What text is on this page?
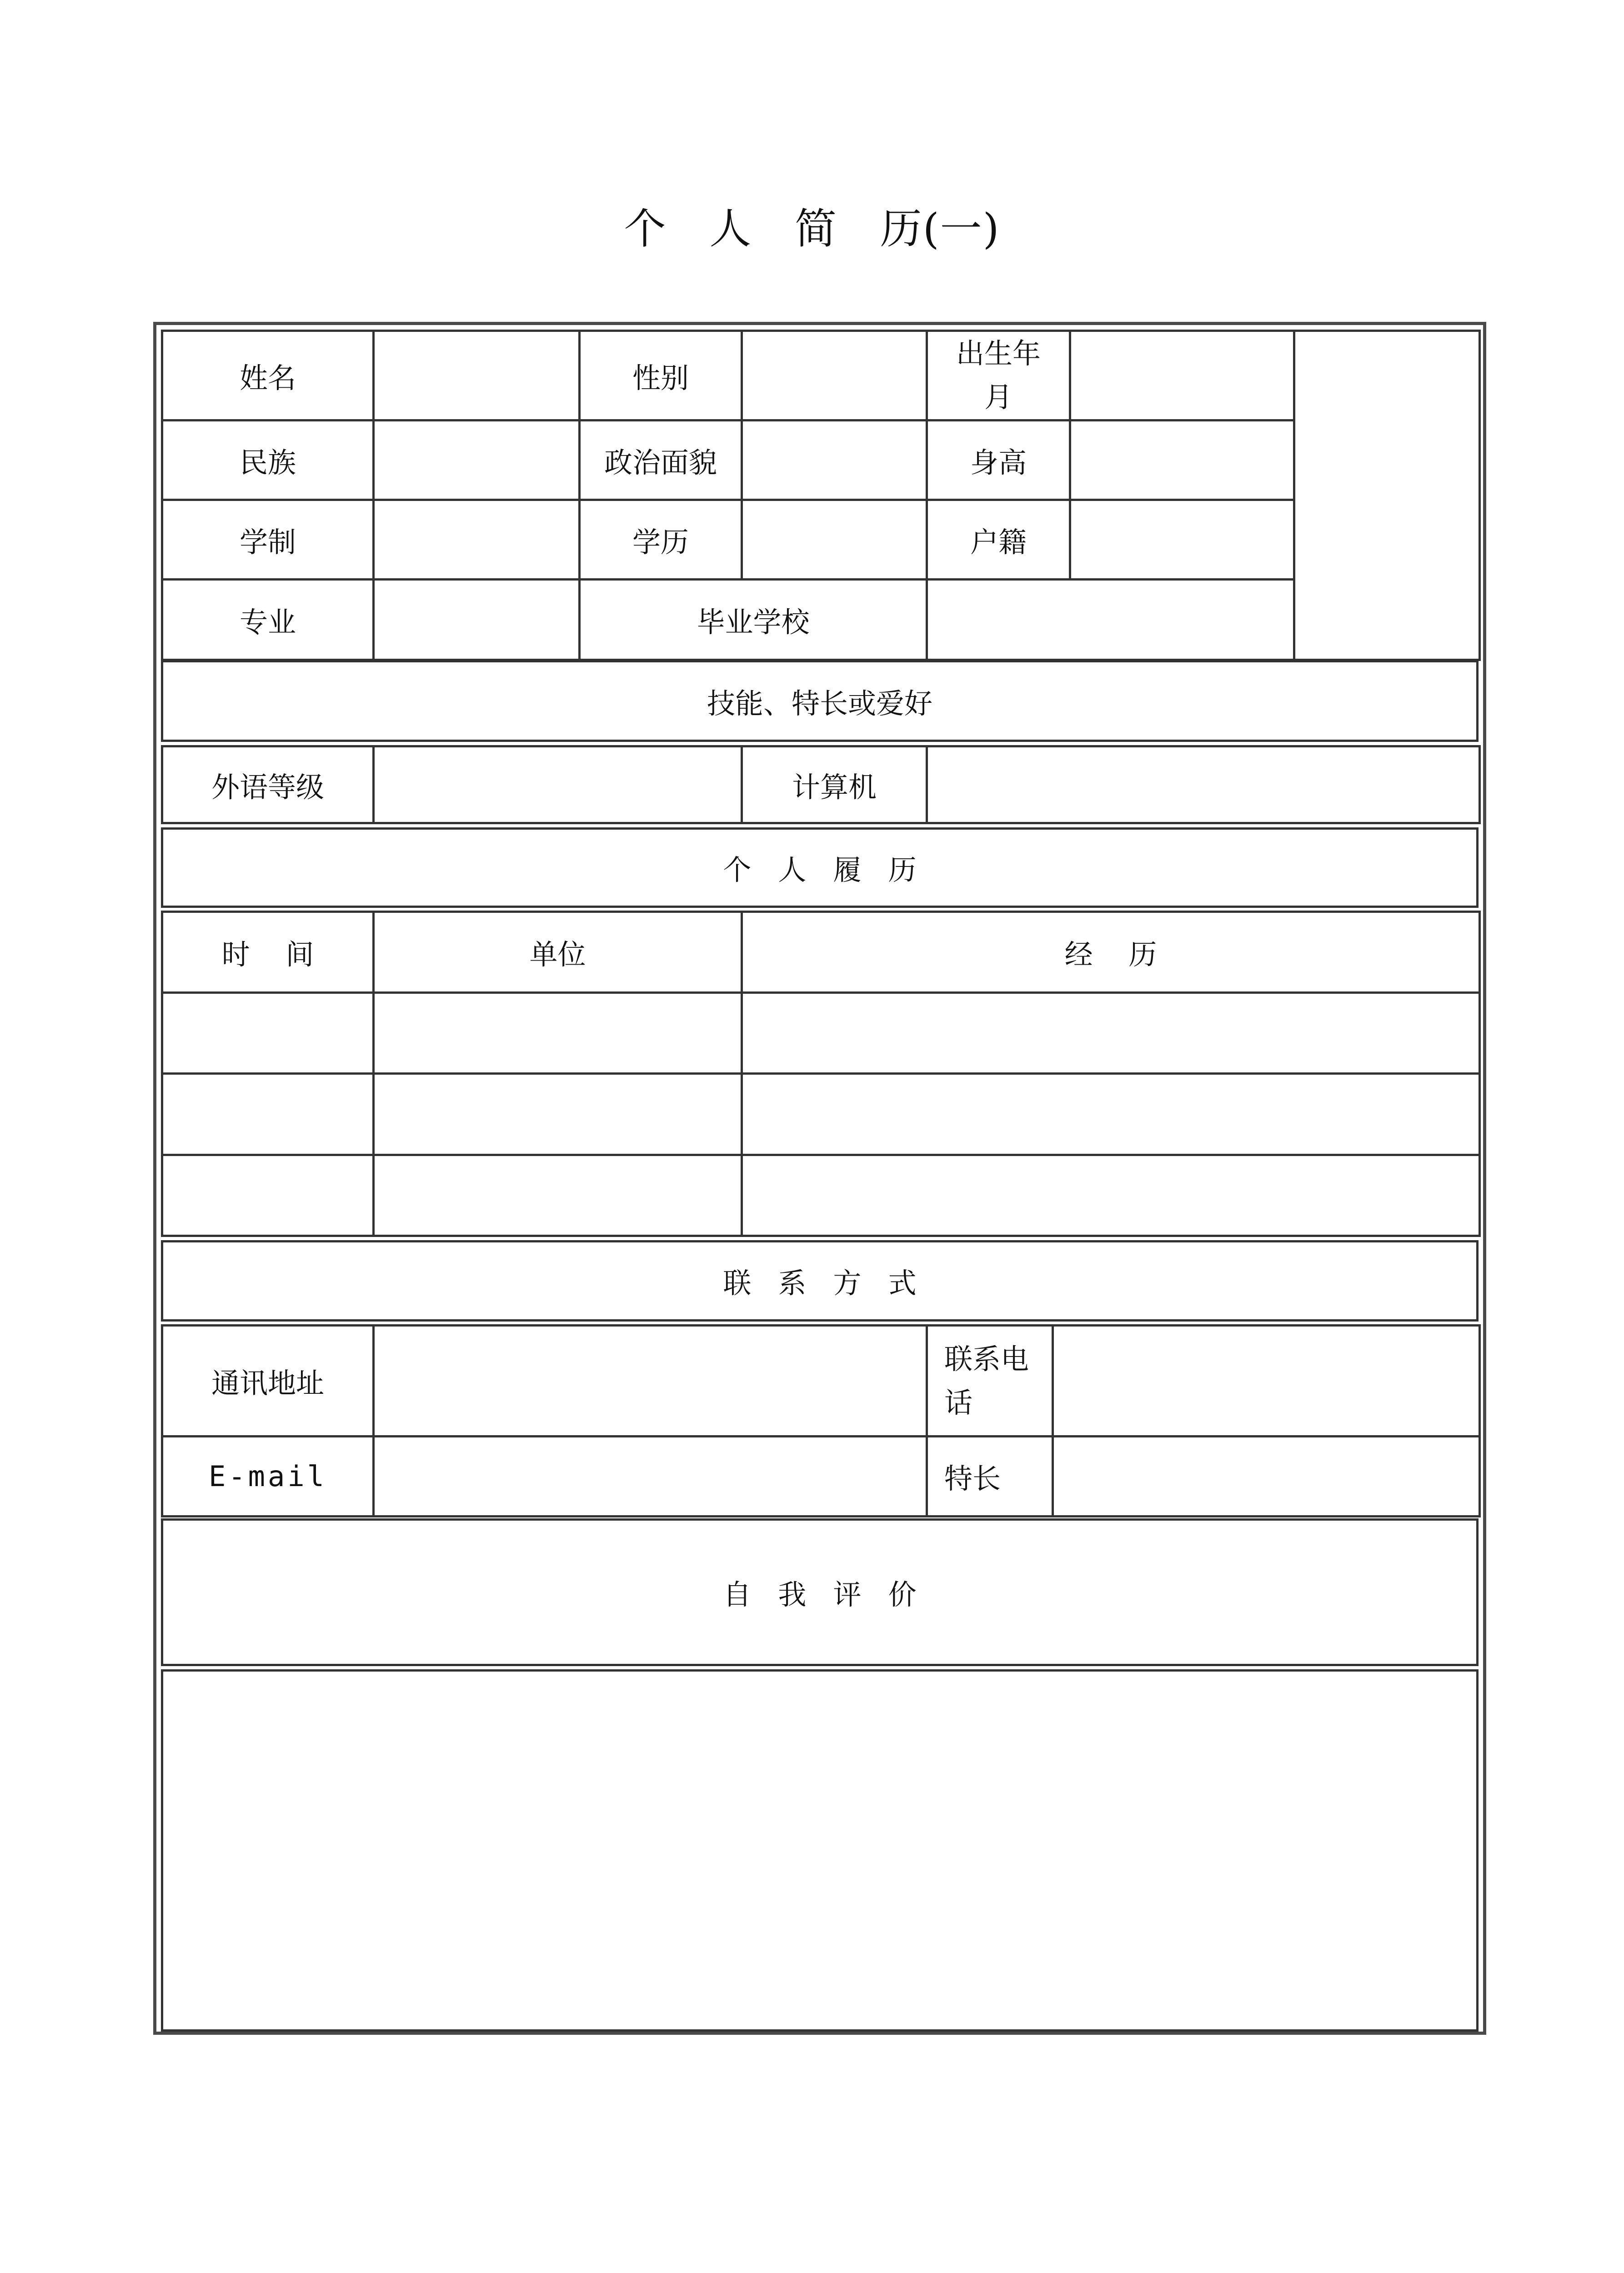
个   人   简   历(一)
姓名		性别		出生年
月		

民族		政治面貌		身高		
学制		学历		户籍		
专业		毕业学校				
技能、特长或爱好
外语等级		计算机	
个   人   履   历
时    间	单位	经    历

联   系   方   式
通讯地址		联系电
话	

E-mail		特长	
自   我   评   价
